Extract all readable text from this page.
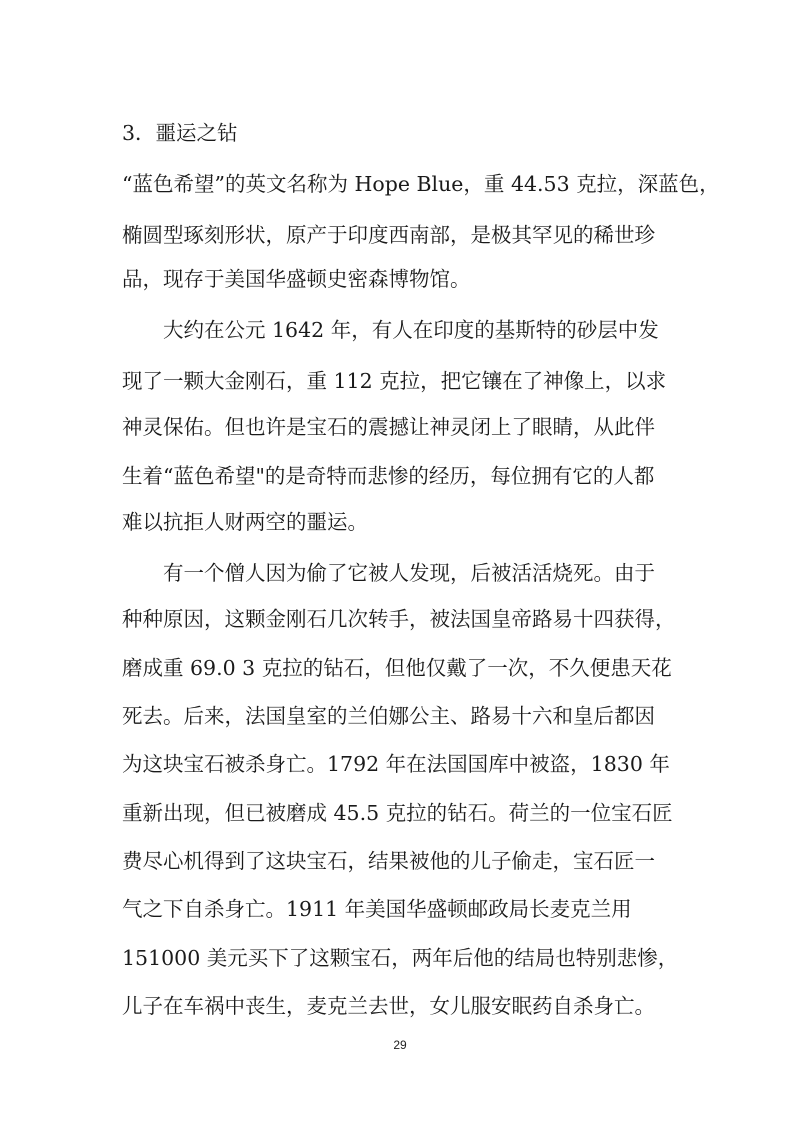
3．噩运之钻

“蓝色希望”的英文名称为 Hope Blue，重 44.53 克拉，深蓝色，

椭圆型琢刻形状，原产于印度西南部，是极其罕见的稀世珍

品，现存于美国华盛顿史密森博物馆。

大约在公元 1642 年，有人在印度的基斯特的砂层中发

现了一颗大金刚石，重 112 克拉，把它镶在了神像上，以求

神灵保佑。但也许是宝石的震撼让神灵闭上了眼睛，从此伴

生着“蓝色希望"的是奇特而悲惨的经历，每位拥有它的人都

难以抗拒人财两空的噩运。

有一个僧人因为偷了它被人发现，后被活活烧死。由于

种种原因，这颗金刚石几次转手，被法国皇帝路易十四获得，

磨成重 69.0 3 克拉的钻石，但他仅戴了一次，不久便患天花

死去。后来，法国皇室的兰伯娜公主、路易十六和皇后都因

为这块宝石被杀身亡。1792 年在法国国库中被盗，1830 年

重新出现，但已被磨成 45.5 克拉的钻石。荷兰的一位宝石匠

费尽心机得到了这块宝石，结果被他的儿子偷走，宝石匠一

气之下自杀身亡。1911 年美国华盛顿邮政局长麦克兰用

151000 美元买下了这颗宝石，两年后他的结局也特别悲惨，

儿子在车祸中丧生，麦克兰去世，女儿服安眠药自杀身亡。

29
